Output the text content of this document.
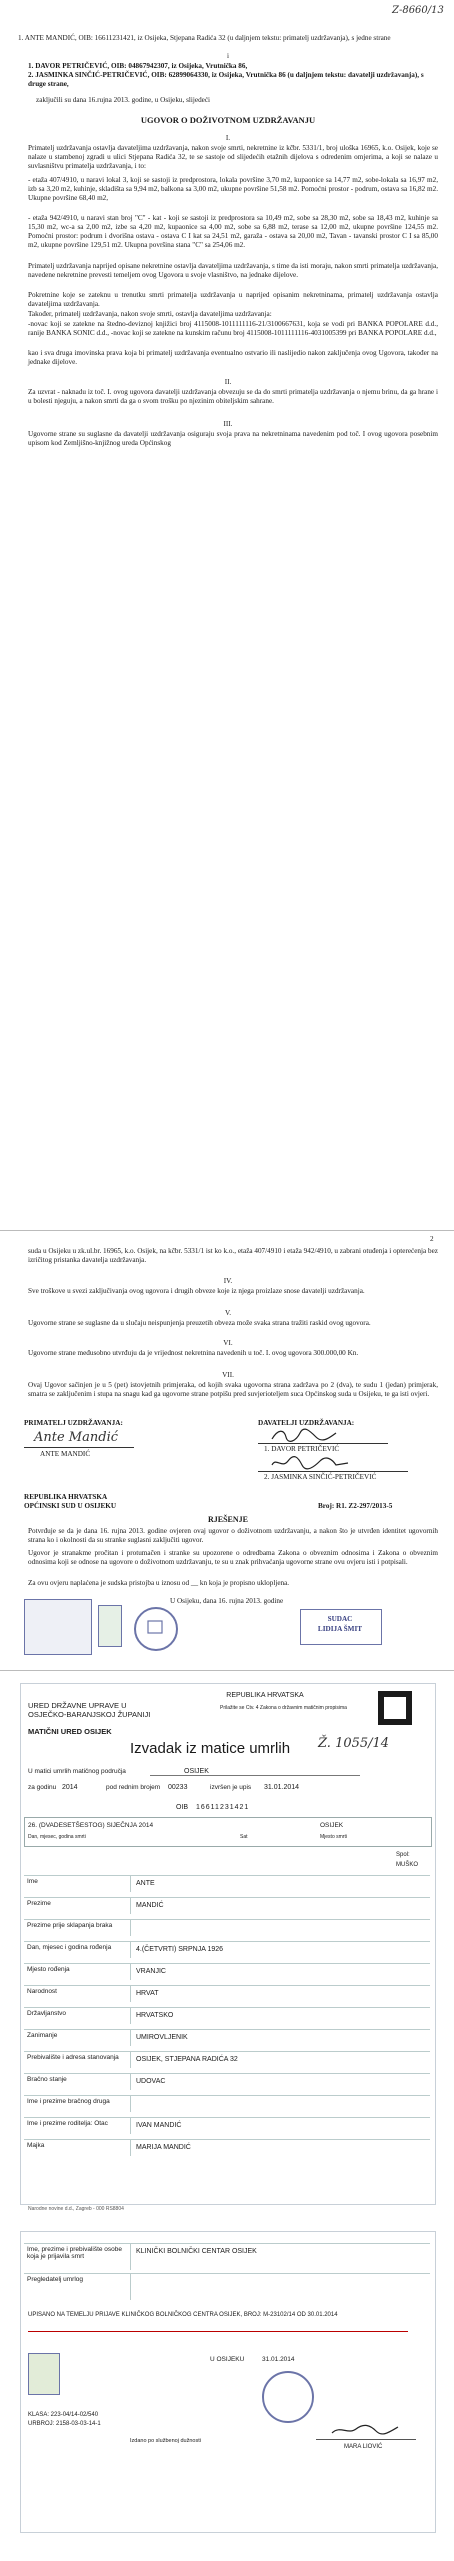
Z-8660/13
1. ANTE MANDIĆ, OIB: 16611231421, iz Osijeka, Stjepana Radića 32 (u daljnjem tekstu: primatelj uzdržavanja), s jedne strane
i
1. DAVOR PETRIČEVIĆ, OIB: 04867942307, iz Osijeka, Vrutnička 86,
2. JASMINKA SINČIĆ-PETRIČEVIĆ, OIB: 62899064330, iz Osijeka, Vrutnička 86 (u daljnjem tekstu: davatelji uzdržavanja), s druge strane,
zaključili su dana 16.rujna 2013. godine, u Osijeku, slijedeći
UGOVOR O DOŽIVOTNOM UZDRŽAVANJU
I.
Primatelj uzdržavanja ostavlja davateljima uzdržavanja, nakon svoje smrti, nekretnine iz kčbr. 5331/1, broj uloška 16965, k.o. Osijek, koje se nalaze u stambenoj zgradi u ulici Stjepana Radića 32, te se sastoje od slijedećih etažnih dijelova s odredenim omjerima, a koji se nalaze u suvlasništvu primatelja uzdržavanja, i to:
- etaža 407/4910, u naravi lokal 3, koji se sastoji iz predprostora, lokala površine 3,70 m2, kupaonice sa 14,77 m2, sobe-lokala sa 16,97 m2, izb sa 3,20 m2, kuhinje, skladišta sa 9,94 m2, balkona sa 3,00 m2, ukupne površine 51,58 m2. Pomoćni prostor - podrum, ostava sa 16,82 m2. Ukupne površine 68,40 m2,
- etaža 942/4910, u naravi stan broj "C" - kat - koji se sastoji iz predprostora sa 10,49 m2, sobe sa 28,30 m2, sobe sa 18,43 m2, kuhinje sa 15,30 m2, wc-a sa 2,00 m2, izbe sa 4,20 m2, kupaonice sa 4,00 m2, sobe sa 6,88 m2, terase sa 12,00 m2, ukupne površine 124,55 m2. Pomoćni prostor: podrum i dvorišna ostava - ostava C I kat sa 24,51 m2, garaža - ostava sa 20,00 m2, Tavan - tavanski prostor C I sa 85,00 m2, ukupne površine 129,51 m2. Ukupna površina stana "C" sa 254,06 m2.
Primatelj uzdržavanja naprijed opisane nekretnine ostavlja davateljima uzdržavanja, s time da isti moraju, nakon smrti primatelja uzdržavanja, navedene nekretnine prevesti temeljem ovog Ugovora u svoje vlasništvo, na jednake dijelove.
Pokretnine koje se zateknu u trenutku smrti primatelja uzdržavanja u naprijed opisanim nekretninama, primatelj uzdržavanja ostavlja davateljima uzdržavanja.
Također, primatelj uzdržavanja, nakon svoje smrti, ostavlja davateljima uzdržavanja:
-novac koji se zatekne na štedno-deviznoj knjižici broj 4115008-1011111116-21/3100667631, koja se vodi pri BANKA POPOLARE d.d., ranije BANKA SONIC d.d., -novac koji se zatekne na kunskim računu broj 4115008-1011111116-4031005399 pri BANKA POPOLARE d.d.,
kao i sva druga imovinska prava koja bi primatelj uzdržavanja eventualno ostvario ili naslijedio nakon zaključenja ovog Ugovora, također na jednake dijelove.
II.
Za uzvrat - naknadu iz toč. I. ovog ugovora davatelji uzdržavanja obvezuju se da do smrti primatelja uzdržavanja o njemu brinu, da ga hrane i u bolesti njeguju, a nakon smrti da ga o svom trošku po njezinim obiteljskim sahrane.
III.
Ugovorne strane su suglasne da davatelji uzdržavanja osiguraju svoja prava na nekretninama navedenim pod toč. I ovog ugovora posebnim upisom kod Zemljišno-knjižnog ureda Općinskog
2
suda u Osijeku u zk.ul.br. 16965, k.o. Osijek, na kčbr. 5331/1 ist ko k.o., etaža 407/4910 i etaža 942/4910, u zabrani otuđenja i opterećenja bez izričitog pristanka davatelja uzdržavanja.
IV.
Sve troškove u svezi zaključivanja ovog ugovora i drugih obveze koje iz njega proizlaze snose davatelji uzdržavanja.
V.
Ugovorne strane se suglasne da u slučaju neispunjenja preuzetih obveza može svaka strana tražiti raskid ovog ugovora.
VI.
Ugovorne strane međusobno utvrđuju da je vrijednost nekretnina navedenih u toč. I. ovog ugovora 300.000,00 Kn.
VII.
Ovaj Ugovor sačinjen je u 5 (pet) istovjetnih primjeraka, od kojih svaka ugovorna strana zadržava po 2 (dva), te sudu 1 (jedan) primjerak, smatra se zaključenim i stupa na snagu kad ga ugovorne strane potpišu pred suvjerioteljem suca Općinskog suda u Osijeku, te ga isti ovjeri.
PRIMATELJ UZDRŽAVANJA:
Ante Mandić
ANTE MANDIĆ
DAVATELJI UZDRŽAVANJA:
1. DAVOR PETRIČEVIĆ
2. JASMINKA SINČIĆ-PETRIČEVIĆ
REPUBLIKA HRVATSKA
OPĆINSKI SUD U OSIJEKU	Broj: R1. Z2-297/2013-5
RJEŠENJE
Potvrđuje se da je dana 16. rujna 2013. godine ovjeren ovaj ugovor o doživotnom uzdržavanju, a nakon što je utvrđen identitet ugovornih strana ko i okolnosti da su stranke suglasni zaključiti ugovor.
Ugovor je stranakme pročitan i protumačen i stranke su upozorene o odredbama Zakona o obveznim odnosima i Zakona o obveznim odnosima koji se odnose na ugovore o doživotnom uzdržavanju, te su u znak prihvaćanja ugovorne strane ovu ovjeru isti i potpisali.
Za ovu ovjeru naplaćena je sudska pristojba u iznosu od __ kn koja je propisno uklopljena.
U Osijeku, dana 16. rujna 2013. godine
SUDAC
LIDIJA ŠMIT
REPUBLIKA HRVATSKA
URED DRŽAVNE UPRAVE U
OSJEČKO-BARANJSKOJ ŽUPANIJI
Prilažite se Ctv. 4 Zakona o državnim matičnim propisima
MATIČNI URED OSIJEK
Izvadak iz matice umrlih Ž. 1055/14
U matici umrlih matičnog područja	OSIJEK
za godinu 2014	pod rednim brojem 00233	izvršen je upis 31.01.2014
OIB 16611231421
26. (DVADESETŠESTOG) SIJEČNJA 2014	OSIJEK
Dan, mjesec, godina smrti	Sat	Mjesto smrti
Spol:
MUŠKO
UPISANO NA TEMELJU PRIJAVE KLINIČKOG BOLNIČKOG CENTRA OSIJEK, BROJ: M-23102/14 OD 30.01.2014
U OSIJEKU	31.01.2014
KLASA: 223-04/14-02/540
URBROJ: 2158-03-03-14-1
Izdano po službenoj dužnosti
MARA LIOVIĆ
Narodne novine d.d., Zagreb - 000 RS8804
Ime	ANTE
Prezime	MANDIĆ
Prezime prije sklapanja braka
Dan, mjesec i godina rođenja	4.(ČETVRTI) SRPNJA 1926
Mjesto rođenja	VRANJIC
Narodnost	HRVAT
Državljanstvo	HRVATSKO
Zanimanje	UMIROVLJENIK
Prebivalište i adresa stanovanja	OSIJEK, STJEPANA RADIĆA 32
Bračno stanje	UDOVAC
Ime i prezime bračnog druga
Ime i prezime roditelja: Otac	IVAN MANDIĆ
Majka	MARIJA MANDIĆ
Ime, prezime i prebivalište osobe koja je prijavila smrt
KLINIČKI BOLNIČKI CENTAR OSIJEK
Pregledatelj umrlog
